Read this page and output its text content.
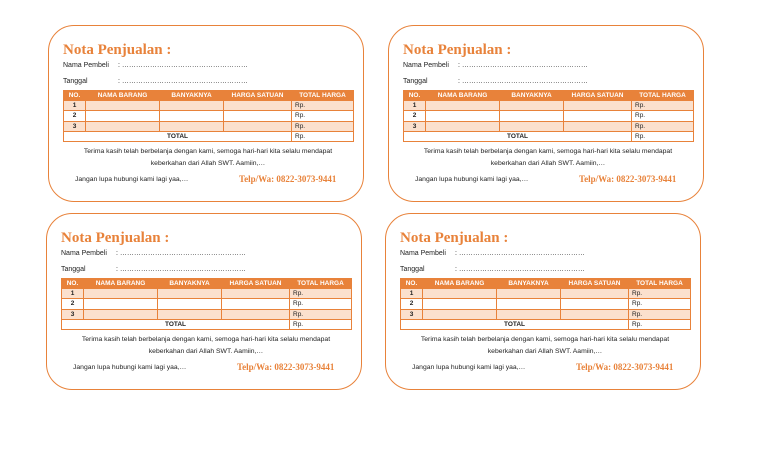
Nota Penjualan :
Nama Pembeli : ………………………………………………
Tanggal	: ………………………………………………
NO.	NAMA BARANG	BANYAKNYA	HARGA SATUAN	TOTAL HARGA
1				Rp.
2				Rp.
3				Rp.
TOTAL				Rp.
Terima kasih telah berbelanja dengan kami, semoga hari-hari kita selalu mendapat
keberkahan dari Allah SWT. Aamiin,…
Jangan lupa hubungi kami lagi yaa,…	Telp/Wa: 0822-3073-9441
Nota Penjualan :
Nama Pembeli : ………………………………………………
Tanggal	: ………………………………………………
NO.	NAMA BARANG	BANYAKNYA	HARGA SATUAN	TOTAL HARGA
1				Rp.
2				Rp.
3				Rp.
TOTAL				Rp.
Terima kasih telah berbelanja dengan kami, semoga hari-hari kita selalu mendapat
keberkahan dari Allah SWT. Aamiin,…
Jangan lupa hubungi kami lagi yaa,…	Telp/Wa: 0822-3073-9441
Nota Penjualan :
Nama Pembeli : ………………………………………………
Tanggal	: ………………………………………………
NO.	NAMA BARANG	BANYAKNYA	HARGA SATUAN	TOTAL HARGA
1				Rp.
2				Rp.
3				Rp.
TOTAL				Rp.
Terima kasih telah berbelanja dengan kami, semoga hari-hari kita selalu mendapat
keberkahan dari Allah SWT. Aamiin,…
Jangan lupa hubungi kami lagi yaa,…	Telp/Wa: 0822-3073-9441
Nota Penjualan :
Nama Pembeli : ………………………………………………
Tanggal	: ………………………………………………
NO.	NAMA BARANG	BANYAKNYA	HARGA SATUAN	TOTAL HARGA
1				Rp.
2				Rp.
3				Rp.
TOTAL				Rp.
Terima kasih telah berbelanja dengan kami, semoga hari-hari kita selalu mendapat
keberkahan dari Allah SWT. Aamiin,…
Jangan lupa hubungi kami lagi yaa,…	Telp/Wa: 0822-3073-9441
